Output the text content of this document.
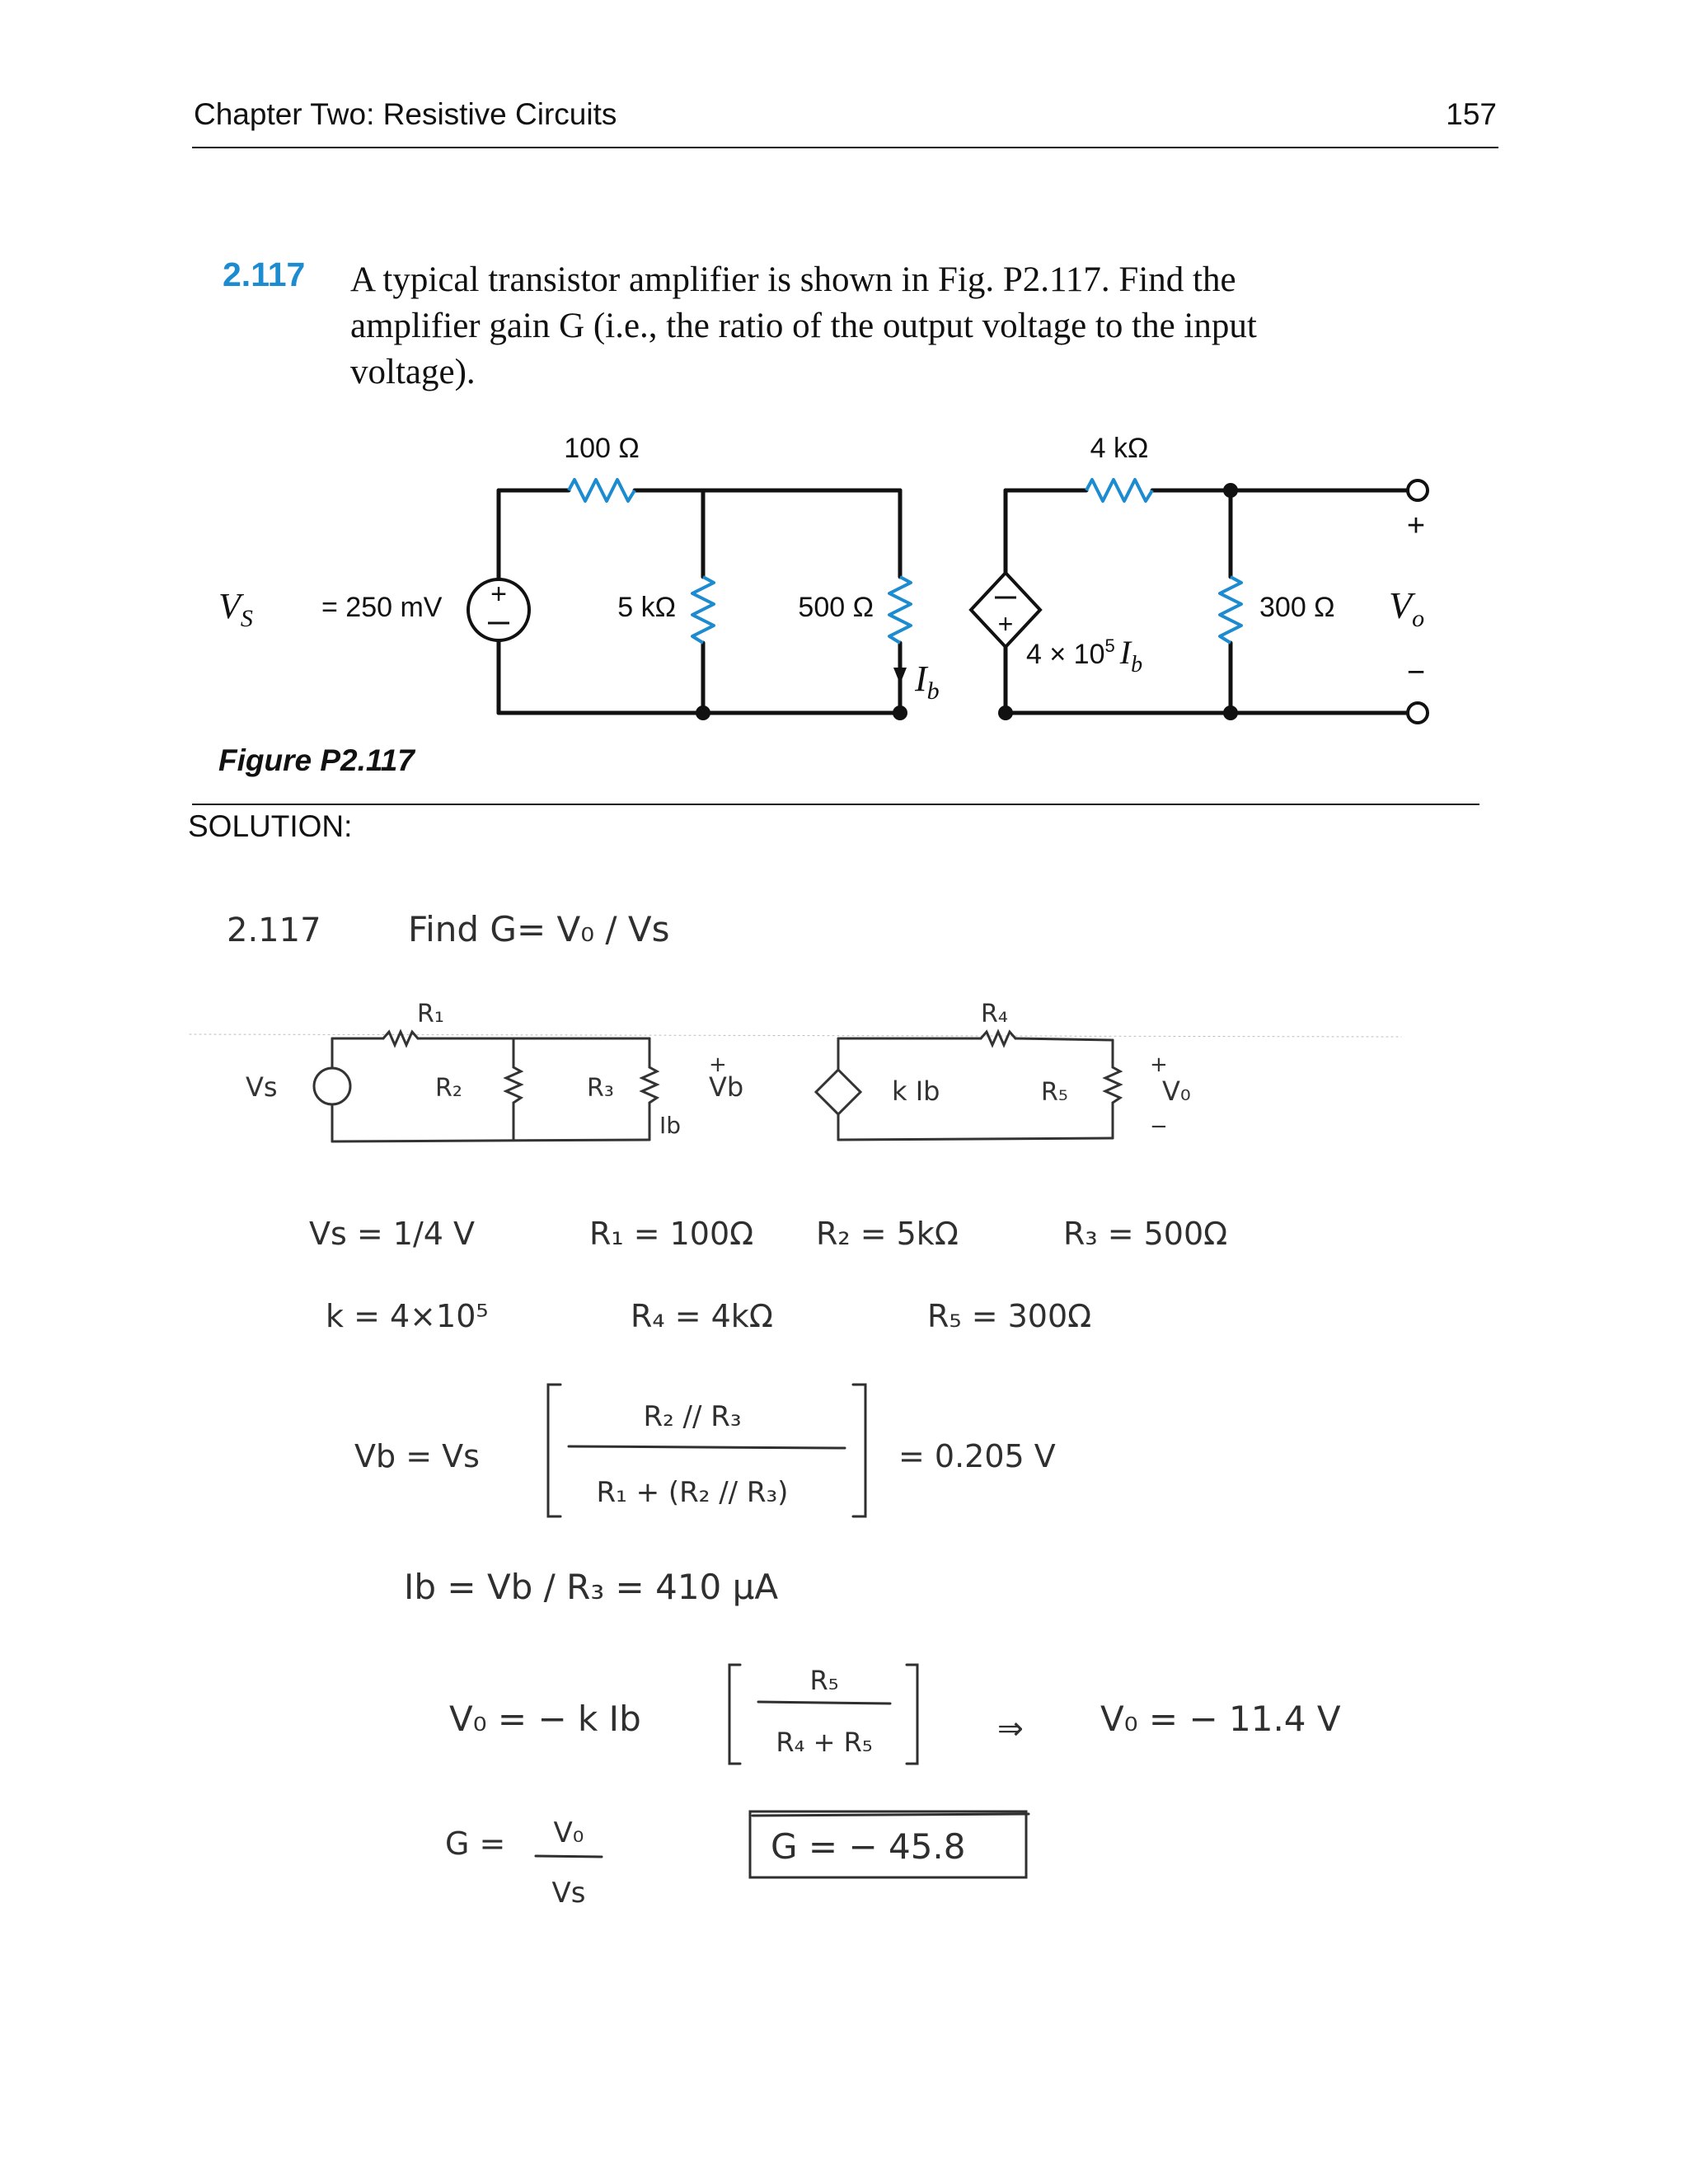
Chapter Two: Resistive Circuits	157
2.117 A typical transistor amplifier is shown in Fig. P2.117. Find the amplifier gain G (i.e., the ratio of the output voltage to the input voltage).
+
+
100 Ω	4 kΩ
5 kΩ	500 Ω	300 Ω
= 250 mV
$4 \times 10^5$ $I_b$
$V_S$
$I_b$
$V_o$
+
−
Figure P2.117
SOLUTION:
2.117	Find G= V₀ / Vs
R₁	R₄
Vs	R₂	R₃	Vb
Ib
k Ib	R₅	V₀
+	+
−
Vs = 1/4 V	R₁ = 100Ω R₂ = 5kΩ	R₃ = 500Ω
k = 4×10⁵	R₄ = 4kΩ	R₅ = 300Ω
Vb = Vs
R₂ // R₃
R₁ + (R₂ // R₃)
= 0.205 V
Ib = Vb / R₃ = 410 μA
V₀ = − k Ib
R₅
R₄ + R₅	⇒ V₀ = − 11.4 V
G = V₀
Vs
G = − 45.8
